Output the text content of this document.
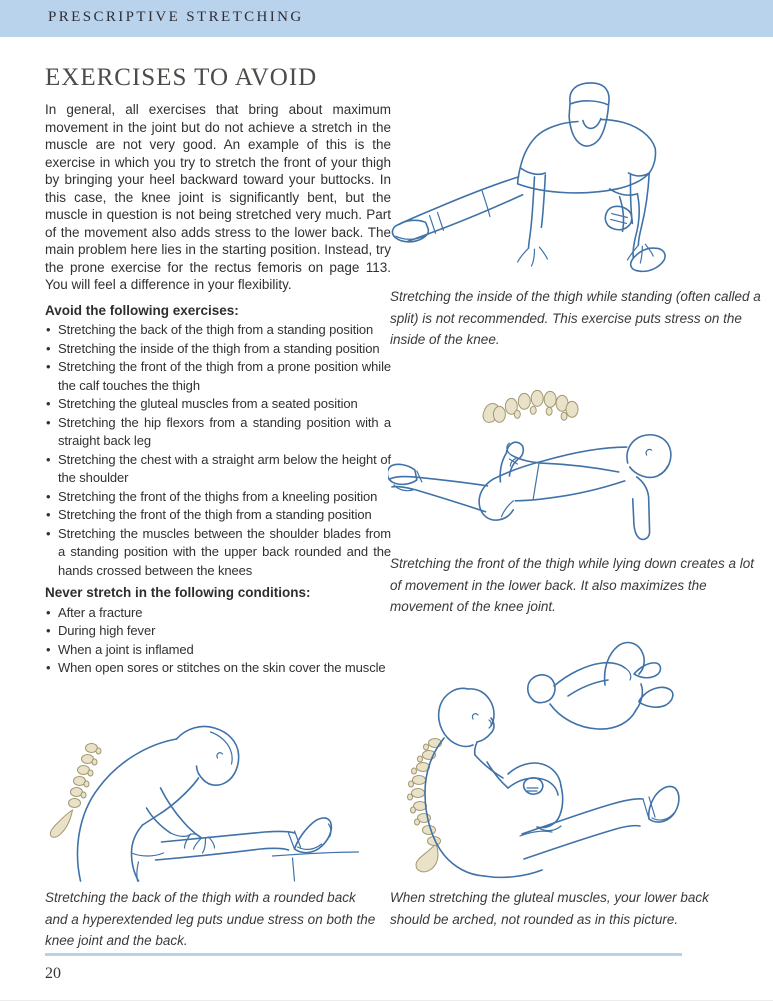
PRESCRIPTIVE STRETCHING
EXERCISES TO AVOID

In general, all exercises that bring about maximum movement in the joint but do not achieve a stretch in the muscle are not very good. An example of this is the exercise in which you try to stretch the front of your thigh by bringing your heel backward toward your buttocks. In this case, the knee joint is significantly bent, but the muscle in question is not being stretched very much. Part of the movement also adds stress to the lower back. The main problem here lies in the starting position. Instead, try the prone exercise for the rectus femoris on page 113. You will feel a difference in your flexibility.

Avoid the following exercises:

• Stretching the back of the thigh from a standing position
• Stretching the inside of the thigh from a standing position
• Stretching the front of the thigh from a prone position while the calf touches the thigh
• Stretching the gluteal muscles from a seated position
• Stretching the hip flexors from a standing position with a straight back leg
• Stretching the chest with a straight arm below the height of the shoulder
• Stretching the front of the thighs from a kneeling position
• Stretching the front of the thigh from a standing position
• Stretching the muscles between the shoulder blades from a standing position with the upper back rounded and the hands crossed between the knees

Never stretch in the following conditions:

• After a fracture
• During high fever
• When a joint is inflamed
• When open sores or stitches on the skin cover the muscle
Stretching the inside of the thigh while standing (often called a split) is not recommended. This exercise puts stress on the inside of the knee.
Stretching the front of the thigh while lying down creates a lot of movement in the lower back. It also maximizes the movement of the knee joint.
Stretching the back of the thigh with a rounded back and a hyperextended leg puts undue stress on both the knee joint and the back.
When stretching the gluteal muscles, your lower back should be arched, not rounded as in this picture.
20
